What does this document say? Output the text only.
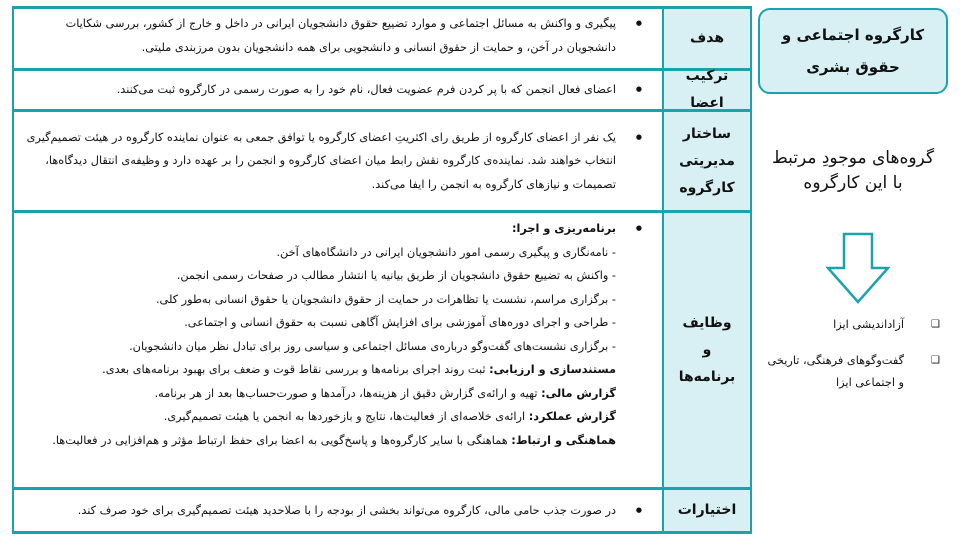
هدف
● پیگیری و واکنش به مسائل اجتماعی و موارد تضییع حقوق دانشجویان ایرانی در داخل و خارج از کشور، بررسی شکایات دانشجویان در آخن، و حمایت از حقوق انسانی و دانشجویی برای همه دانشجویان بدون مرزبندی ملیتی.
ترکیب اعضا
● اعضای فعال انجمن که با پر کردن فرم عضویت فعال، نام خود را به صورت رسمی در کارگروه ثبت می‌کنند.
ساختار مدیریتی کارگروه
● یک نفر از اعضای کارگروه از طریق رای اکثریتِ اعضای کارگروه یا توافق جمعی به عنوان نماینده کارگروه در هیئت تصمیم‌گیری انتخاب خواهند شد. نماینده‌ی کارگروه نقش رابط میان اعضای کارگروه و انجمن را بر عهده دارد و وظیفه‌ی انتقال دیدگاه‌ها، تصمیمات و نیازهای کارگروه به انجمن را ایفا می‌کند.
وظایف و برنامه‌ها
● برنامه‌ریزی و اجرا:
- نامه‌نگاری و پیگیری رسمی امور دانشجویان ایرانی در دانشگاه‌های آخن.
- واکنش به تضییع حقوق دانشجویان از طریق بیانیه یا انتشار مطالب در صفحات رسمی انجمن.
- برگزاری مراسم، نشست یا تظاهرات در حمایت از حقوق دانشجویان یا حقوق انسانی به‌طور کلی.
- طراحی و اجرای دوره‌های آموزشی برای افزایش آگاهی نسبت به حقوق انسانی و اجتماعی.
- برگزاری نشست‌های گفت‌وگو درباره‌ی مسائل اجتماعی و سیاسی روز برای تبادل نظر میان دانشجویان.
مستندسازی و ارزیابی: ثبت روند اجرای برنامه‌ها و بررسی نقاط قوت و ضعف برای بهبود برنامه‌های بعدی.
گزارش مالی: تهیه و ارائه‌ی گزارش دقیق از هزینه‌ها، درآمدها و صورت‌حساب‌ها بعد از هر برنامه.
گزارش عملکرد: ارائه‌ی خلاصه‌ای از فعالیت‌ها، نتایج و بازخوردها به انجمن یا هیئت تصمیم‌گیری.
هماهنگی و ارتباط: هماهنگی با سایر کارگروه‌ها و پاسخ‌گویی به اعضا برای حفظ ارتباط مؤثر و هم‌افزایی در فعالیت‌ها.
اختیارات
● در صورت جذب حامی مالی، کارگروه می‌تواند بخشی از بودجه را با صلاحدید هیئت تصمیم‌گیری برای خود صرف کند.
کارگروه اجتماعی و حقوق بشری
گروه‌های موجودِ مرتبط با این کارگروه
❑ آزاداندیشی ایزا
❑ گفت‌وگوهای فرهنگی، تاریخی و اجتماعی ایزا
